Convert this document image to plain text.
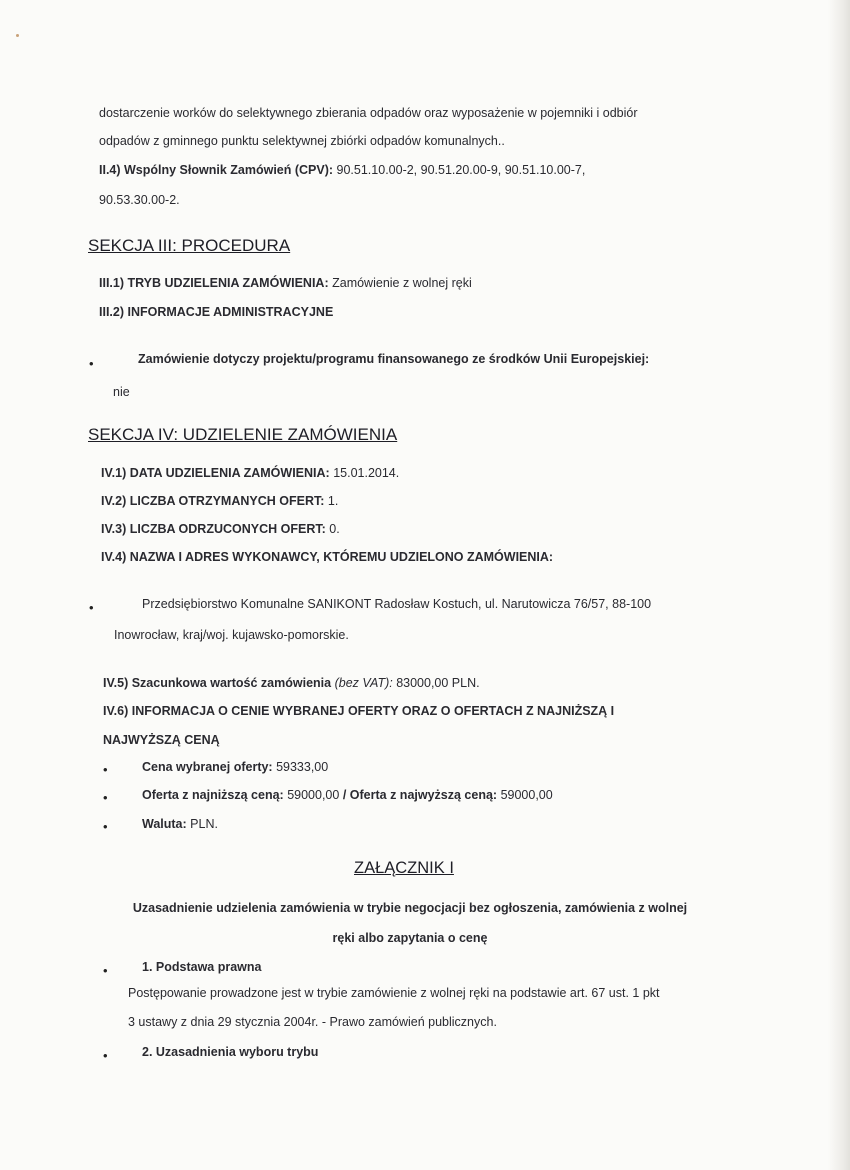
dostarczenie worków do selektywnego zbierania odpadów oraz wyposażenie w pojemniki i odbiór
odpadów z gminnego punktu selektywnej zbiórki odpadów komunalnych..
II.4) Wspólny Słownik Zamówień (CPV): 90.51.10.00-2, 90.51.20.00-9, 90.51.10.00-7,
90.53.30.00-2.
SEKCJA III: PROCEDURA
III.1) TRYB UDZIELENIA ZAMÓWIENIA: Zamówienie z wolnej ręki
III.2) INFORMACJE ADMINISTRACYJNE
•	Zamówienie dotyczy projektu/programu finansowanego ze środków Unii Europejskiej:
nie
SEKCJA IV: UDZIELENIE ZAMÓWIENIA
IV.1) DATA UDZIELENIA ZAMÓWIENIA: 15.01.2014.
IV.2) LICZBA OTRZYMANYCH OFERT: 1.
IV.3) LICZBA ODRZUCONYCH OFERT: 0.
IV.4) NAZWA I ADRES WYKONAWCY, KTÓREMU UDZIELONO ZAMÓWIENIA:
•	Przedsiębiorstwo Komunalne SANIKONT Radosław Kostuch, ul. Narutowicza 76/57, 88-100
Inowrocław, kraj/woj. kujawsko-pomorskie.
IV.5) Szacunkowa wartość zamówienia (bez VAT): 83000,00 PLN.
IV.6) INFORMACJA O CENIE WYBRANEJ OFERTY ORAZ O OFERTACH Z NAJNIŻSZĄ I
NAJWYŻSZĄ CENĄ
•	Cena wybranej oferty: 59333,00
•	Oferta z najniższą ceną: 59000,00 / Oferta z najwyższą ceną: 59000,00
•	Waluta: PLN.
ZAŁĄCZNIK I
Uzasadnienie udzielenia zamówienia w trybie negocjacji bez ogłoszenia, zamówienia z wolnej
ręki albo zapytania o cenę
•	1. Podstawa prawna
Postępowanie prowadzone jest w trybie zamówienie z wolnej ręki na podstawie art. 67 ust. 1 pkt
3 ustawy z dnia 29 stycznia 2004r. - Prawo zamówień publicznych.
•	2. Uzasadnienia wyboru trybu
